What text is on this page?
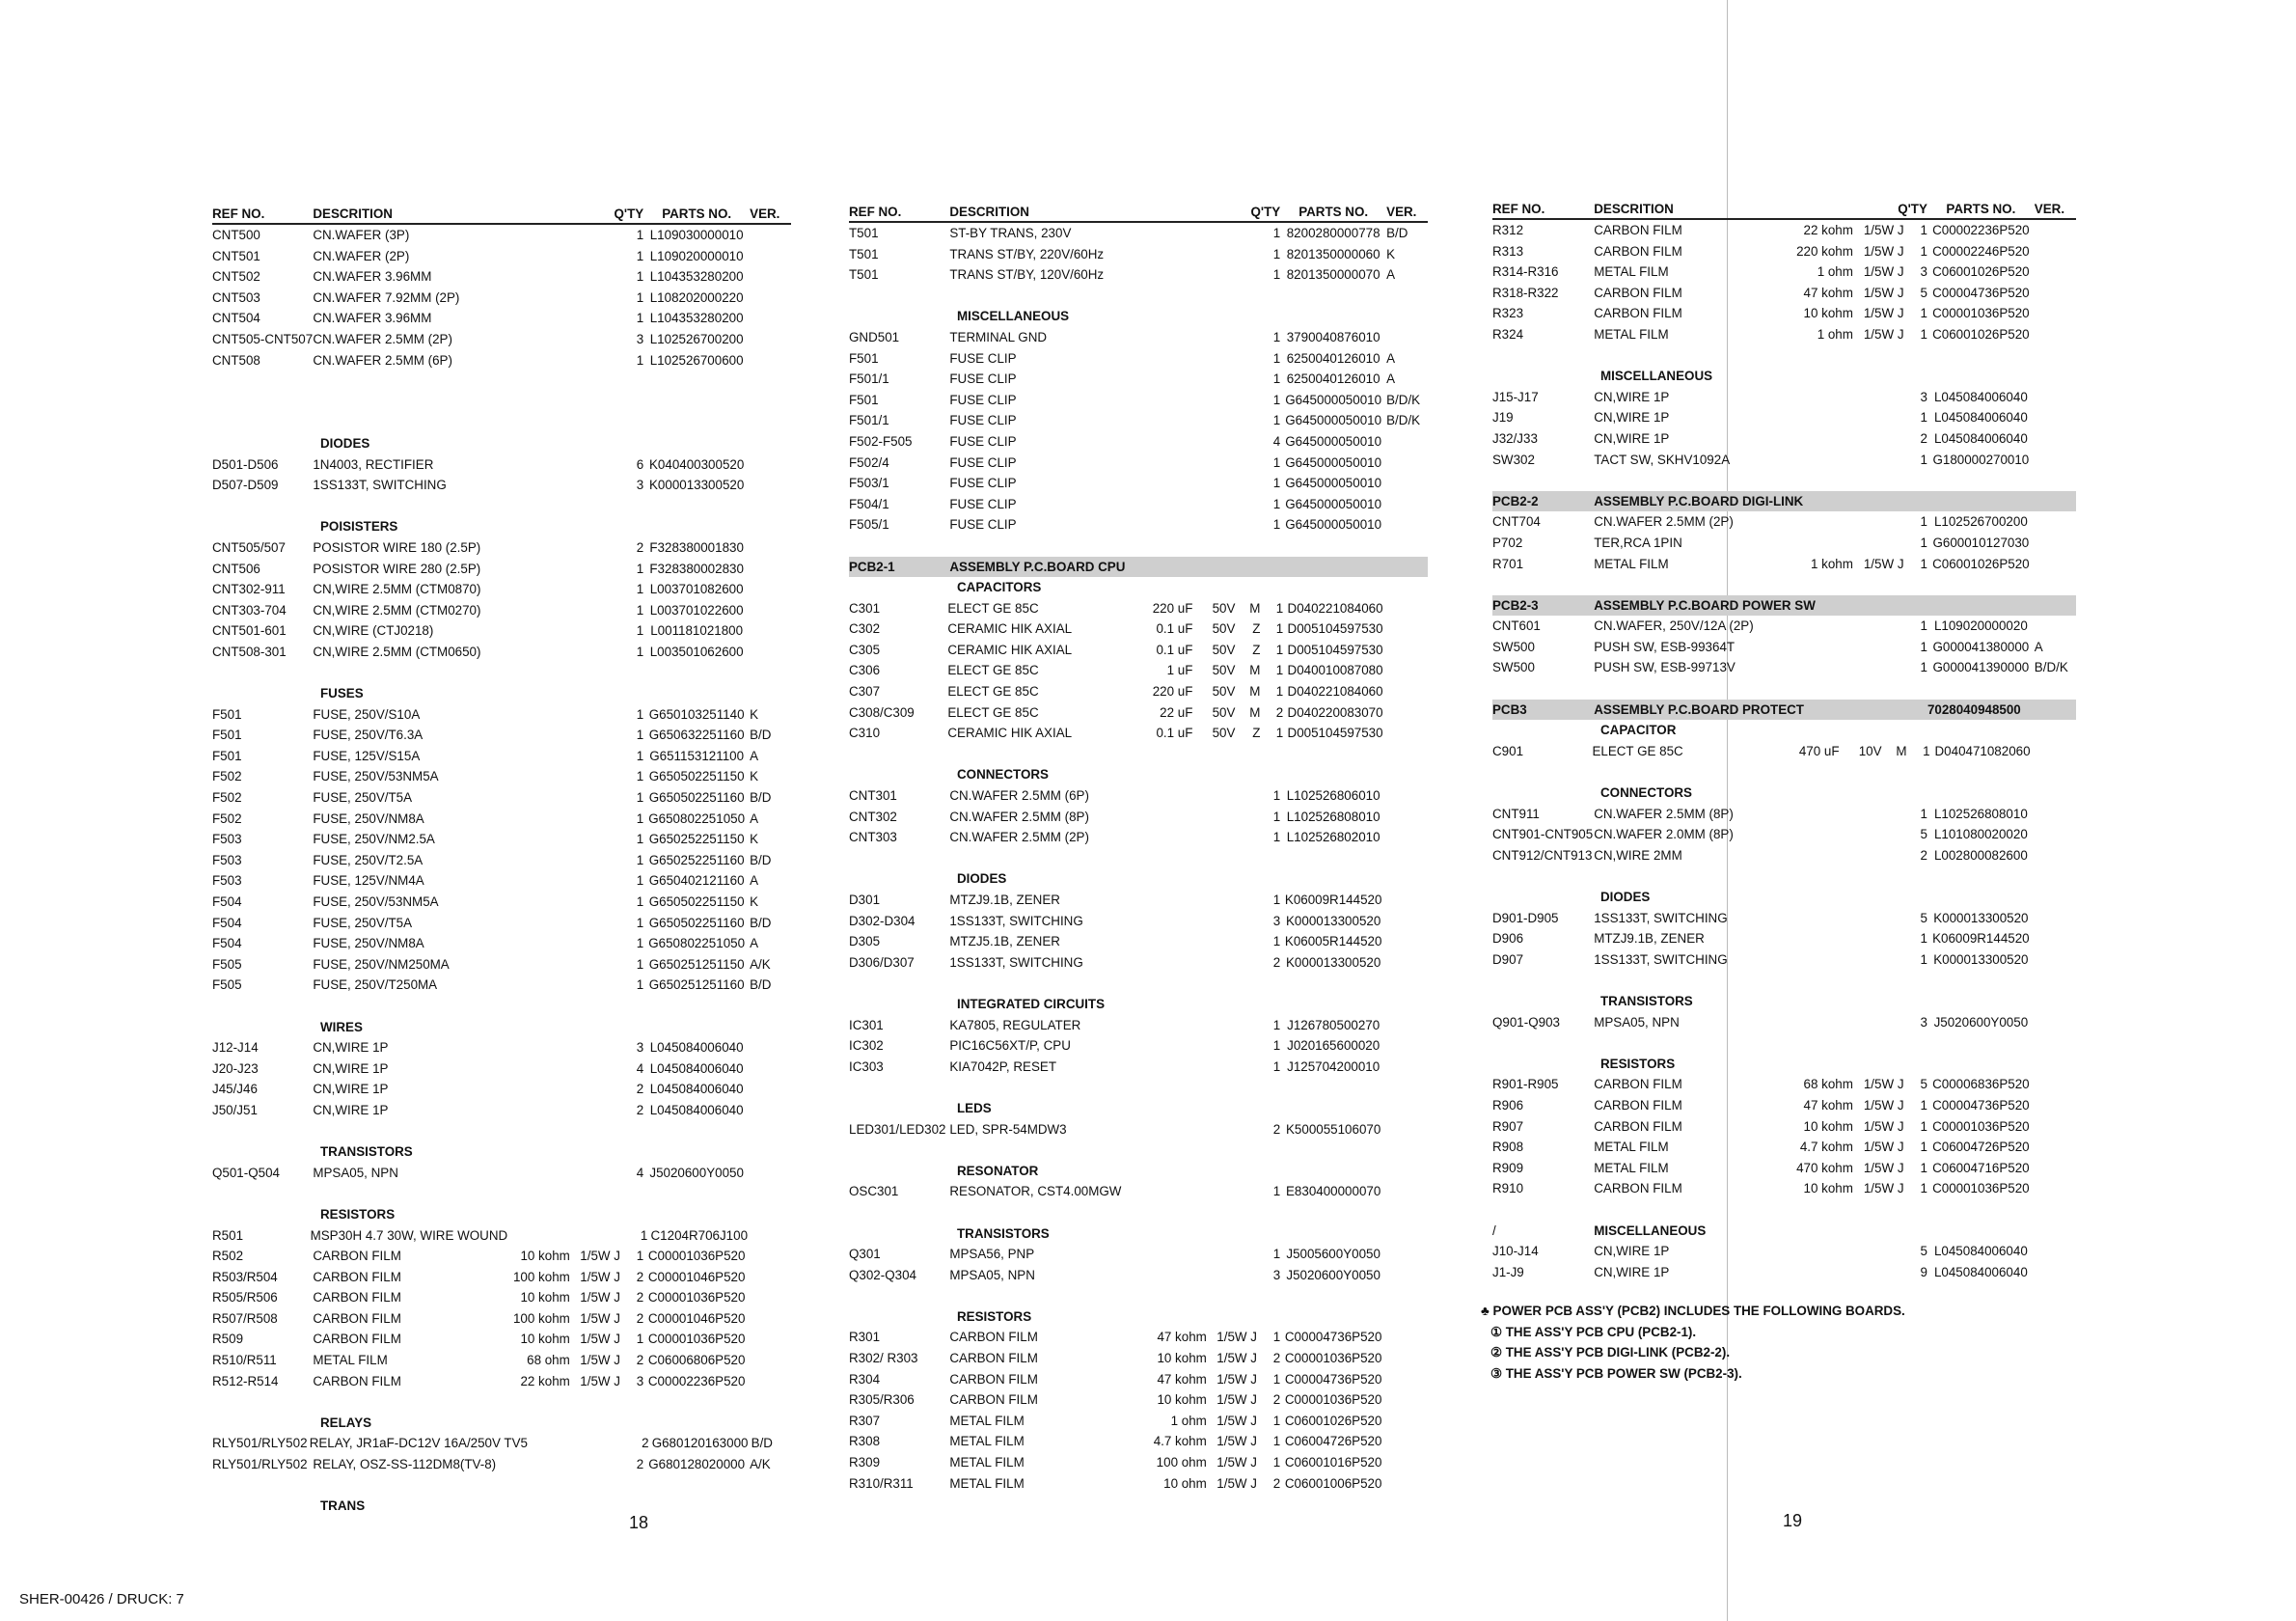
REF NO.	DESCRITION	Q'TY	PARTS NO.	VER.
CNT500	CN.WAFER (3P)	1 L109030000010
CNT501	CN.WAFER (2P)	1 L109020000010
CNT502	CN.WAFER 3.96MM	1 L104353280200
CNT503	CN.WAFER 7.92MM (2P)	1 L108202000220
CNT504	CN.WAFER 3.96MM	1 L104353280200
CNT505-CNT507 CN.WAFER 2.5MM (2P)	3 L102526700200
CNT508	CN.WAFER 2.5MM (6P)	1 L102526700600
DIODES
D501-D506	1N4003, RECTIFIER	6 K040400300520
D507-D509	1SS133T, SWITCHING	3 K000013300520
POISISTERS
CNT505/507	POSISTOR WIRE 180 (2.5P)	2 F328380001830
CNT506	POSISTOR WIRE 280 (2.5P)	1 F328380002830
CNT302-911	CN,WIRE 2.5MM (CTM0870)	1 L003701082600
CNT303-704	CN,WIRE 2.5MM (CTM0270)	1 L003701022600
CNT501-601	CN,WIRE (CTJ0218)	1 L001181021800
CNT508-301	CN,WIRE 2.5MM (CTM0650)	1 L003501062600
FUSES
F501	FUSE, 250V/S10A	1 G650103251140 K
F501	FUSE, 250V/T6.3A	1 G650632251160 B/D
F501	FUSE, 125V/S15A	1 G651153121100 A
F502	FUSE, 250V/53NM5A	1 G650502251150 K
F502	FUSE, 250V/T5A	1 G650502251160 B/D
F502	FUSE, 250V/NM8A	1 G650802251050 A
F503	FUSE, 250V/NM2.5A	1 G650252251150 K
F503	FUSE, 250V/T2.5A	1 G650252251160 B/D
F503	FUSE, 125V/NM4A	1 G650402121160 A
F504	FUSE, 250V/53NM5A	1 G650502251150 K
F504	FUSE, 250V/T5A	1 G650502251160 B/D
F504	FUSE, 250V/NM8A	1 G650802251050 A
F505	FUSE, 250V/NM250MA	1 G650251251150 A/K
F505	FUSE, 250V/T250MA	1 G650251251160 B/D
WIRES
J12-J14	CN,WIRE 1P	3 L045084006040
J20-J23	CN,WIRE 1P	4 L045084006040
J45/J46	CN,WIRE 1P	2 L045084006040
J50/J51	CN,WIRE 1P	2 L045084006040
TRANSISTORS
Q501-Q504	MPSA05, NPN	4 J5020600Y0050
RESISTORS
R501	MSP30H 4.7 30W, WIRE WOUND	1 C1204R706J100
R502	CARBON FILM	10 kohm 1/5W J	1 C00001036P520
R503/R504	CARBON FILM	100 kohm 1/5W J	2 C00001046P520
R505/R506	CARBON FILM	10 kohm 1/5W J	2 C00001036P520
R507/R508	CARBON FILM	100 kohm 1/5W J	2 C00001046P520
R509	CARBON FILM	10 kohm 1/5W J	1 C00001036P520
R510/R511	METAL FILM	68 ohm 1/5W J	2 C06006806P520
R512-R514	CARBON FILM	22 kohm 1/5W J	3 C00002236P520
RELAYS
RLY501/RLY502 RELAY, JR1aF-DC12V 16A/250V TV5	2 G680120163000 B/D
RLY501/RLY502 RELAY, OSZ-SS-112DM8(TV-8)	2 G680128020000 A/K
TRANS
REF NO.	DESCRITION	Q'TY	PARTS NO.	VER.
T501	ST-BY TRANS, 230V	1 8200280000778 B/D
T501	TRANS ST/BY, 220V/60Hz	1 8201350000060 K
T501	TRANS ST/BY, 120V/60Hz	1 8201350000070 A
MISCELLANEOUS
GND501	TERMINAL GND	1 3790040876010
F501	FUSE CLIP	1 6250040126010 A
F501/1	FUSE CLIP	1 6250040126010 A
F501	FUSE CLIP	1 G645000050010 B/D/K
F501/1	FUSE CLIP	1 G645000050010 B/D/K
F502-F505	FUSE CLIP	4 G645000050010
F502/4	FUSE CLIP	1 G645000050010
F503/1	FUSE CLIP	1 G645000050010
F504/1	FUSE CLIP	1 G645000050010
F505/1	FUSE CLIP	1 G645000050010
PCB2-1	ASSEMBLY P.C.BOARD CPU
CAPACITORS
C301	ELECT GE 85C	220 uF	50V	M	1 D040221084060
C302	CERAMIC HIK AXIAL	0.1 uF	50V	Z	1 D005104597530
C305	CERAMIC HIK AXIAL	0.1 uF	50V	Z	1 D005104597530
C306	ELECT GE 85C	1 uF	50V	M	1 D040010087080
C307	ELECT GE 85C	220 uF	50V	M	1 D040221084060
C308/C309	ELECT GE 85C	22 uF	50V	M	2 D040220083070
C310	CERAMIC HIK AXIAL	0.1 uF	50V	Z	1 D005104597530
CONNECTORS
CNT301	CN.WAFER 2.5MM (6P)	1 L102526806010
CNT302	CN.WAFER 2.5MM (8P)	1 L102526808010
CNT303	CN.WAFER 2.5MM (2P)	1 L102526802010
DIODES
D301	MTZJ9.1B, ZENER	1 K06009R144520
D302-D304	1SS133T, SWITCHING	3 K000013300520
D305	MTZJ5.1B, ZENER	1 K06005R144520
D306/D307	1SS133T, SWITCHING	2 K000013300520
INTEGRATED CIRCUITS
IC301	KA7805, REGULATER	1 J126780500270
IC302	PIC16C56XT/P, CPU	1 J020165600020
IC303	KIA7042P, RESET	1 J125704200010
LEDS
LED301/LED302 LED, SPR-54MDW3	2 K500055106070
RESONATOR
OSC301	RESONATOR, CST4.00MGW	1 E830400000070
TRANSISTORS
Q301	MPSA56, PNP	1 J5005600Y0050
Q302-Q304	MPSA05, NPN	3 J5020600Y0050
RESISTORS
R301	CARBON FILM	47 kohm 1/5W J	1 C00004736P520
R302/ R303	CARBON FILM	10 kohm 1/5W J	2 C00001036P520
R304	CARBON FILM	47 kohm 1/5W J	1 C00004736P520
R305/R306	CARBON FILM	10 kohm 1/5W J	2 C00001036P520
R307	METAL FILM	1 ohm 1/5W J	1 C06001026P520
R308	METAL FILM	4.7 kohm 1/5W J	1 C06004726P520
R309	METAL FILM	100 ohm 1/5W J	1 C06001016P520
R310/R311	METAL FILM	10 ohm 1/5W J	2 C06001006P520
REF NO.	DESCRITION	Q'TY	PARTS NO.	VER.
R312	CARBON FILM	22 kohm 1/5W J	1 C00002236P520
R313	CARBON FILM	220 kohm 1/5W J	1 C00002246P520
R314-R316	METAL FILM	1 ohm 1/5W J	3 C06001026P520
R318-R322	CARBON FILM	47 kohm 1/5W J	5 C00004736P520
R323	CARBON FILM	10 kohm 1/5W J	1 C00001036P520
R324	METAL FILM	1 ohm 1/5W J	1 C06001026P520
MISCELLANEOUS
J15-J17	CN,WIRE 1P	3 L045084006040
J19	CN,WIRE 1P	1 L045084006040
J32/J33	CN,WIRE 1P	2 L045084006040
SW302	TACT SW, SKHV1092A	1 G180000270010
PCB2-2	ASSEMBLY P.C.BOARD DIGI-LINK
CNT704	CN.WAFER 2.5MM (2P)	1 L102526700200
P702	TER,RCA 1PIN	1 G600010127030
R701	METAL FILM	1 kohm 1/5W J	1 C06001026P520
PCB2-3	ASSEMBLY P.C.BOARD POWER SW
CNT601	CN.WAFER, 250V/12A (2P)	1 L109020000020
SW500	PUSH SW, ESB-99364T	1 G000041380000 A
SW500	PUSH SW, ESB-99713V	1 G000041390000 B/D/K
PCB3	ASSEMBLY P.C.BOARD PROTECT	7028040948500
CAPACITOR
C901	ELECT GE 85C	470 uF	10V	M	1 D040471082060
CONNECTORS
CNT911	CN.WAFER 2.5MM (8P)	1 L102526808010
CNT901-CNT905 CN.WAFER 2.0MM (8P)	5 L101080020020
CNT912/CNT913 CN,WIRE 2MM	2 L002800082600
DIODES
D901-D905	1SS133T, SWITCHING	5 K000013300520
D906	MTZJ9.1B, ZENER	1 K06009R144520
D907	1SS133T, SWITCHING	1 K000013300520
TRANSISTORS
Q901-Q903	MPSA05, NPN	3 J5020600Y0050
RESISTORS
R901-R905	CARBON FILM	68 kohm 1/5W J	5 C00006836P520
R906	CARBON FILM	47 kohm 1/5W J	1 C00004736P520
R907	CARBON FILM	10 kohm 1/5W J	1 C00001036P520
R908	METAL FILM	4.7 kohm 1/5W J	1 C06004726P520
R909	METAL FILM	470 kohm 1/5W J	1 C06004716P520
R910	CARBON FILM	10 kohm 1/5W J	1 C00001036P520
/	MISCELLANEOUS
J10-J14	CN,WIRE 1P	5 L045084006040
J1-J9	CN,WIRE 1P	9 L045084006040
♣ POWER PCB ASS'Y (PCB2) INCLUDES THE FOLLOWING BOARDS.
① THE ASS'Y PCB CPU (PCB2-1).
② THE ASS'Y PCB DIGI-LINK (PCB2-2).
③ THE ASS'Y PCB POWER SW (PCB2-3).
18	19
SHER-00426 / DRUCK: 7
